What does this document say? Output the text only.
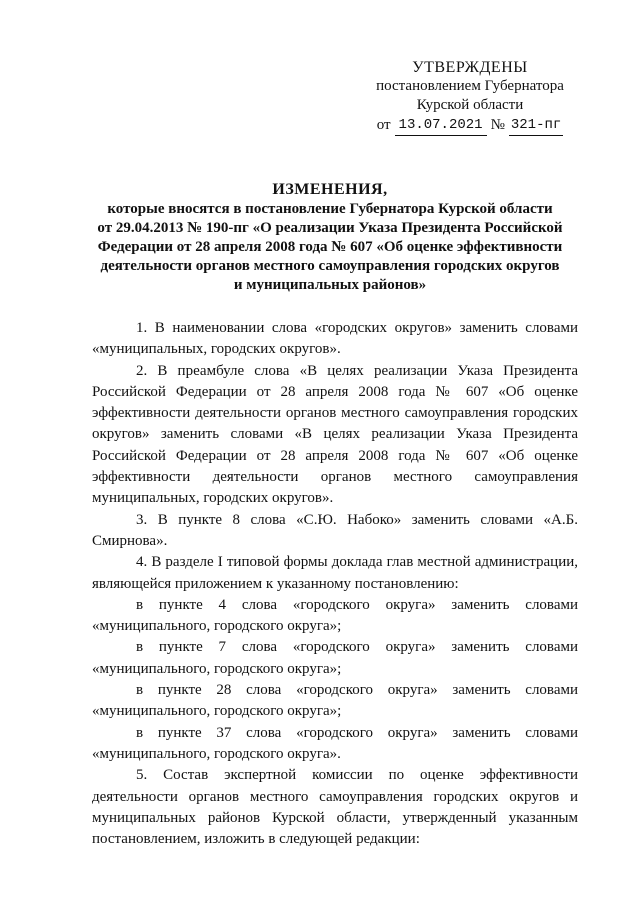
УТВЕРЖДЕНЫ
постановлением Губернатора
Курской области
от 13.07.2021 № 321-пг
ИЗМЕНЕНИЯ,
которые вносятся в постановление Губернатора Курской области
от 29.04.2013 № 190-пг «О реализации Указа Президента Российской
Федерации от 28 апреля 2008 года № 607 «Об оценке эффективности
деятельности органов местного самоуправления городских округов
и муниципальных районов»

1. В наименовании слова «городских округов» заменить словами «муниципальных, городских округов».

2. В преамбуле слова «В целях реализации Указа Президента Российской Федерации от 28 апреля 2008 года № 607 «Об оценке эффективности деятельности органов местного самоуправления городских округов» заменить словами «В целях реализации Указа Президента Российской Федерации от 28 апреля 2008 года № 607 «Об оценке эффективности деятельности органов местного самоуправления муниципальных, городских округов».

3. В пункте 8 слова «С.Ю. Набоко» заменить словами «А.Б. Смирнова».

4. В разделе I типовой формы доклада глав местной администрации, являющейся приложением к указанному постановлению:

в пункте 4 слова «городского округа» заменить словами «муниципального, городского округа»;

в пункте 7 слова «городского округа» заменить словами «муниципального, городского округа»;

в пункте 28 слова «городского округа» заменить словами «муниципального, городского округа»;

в пункте 37 слова «городского округа» заменить словами «муниципального, городского округа».

5. Состав экспертной комиссии по оценке эффективности деятельности органов местного самоуправления городских округов и муниципальных районов Курской области, утвержденный указанным постановлением, изложить в следующей редакции:
